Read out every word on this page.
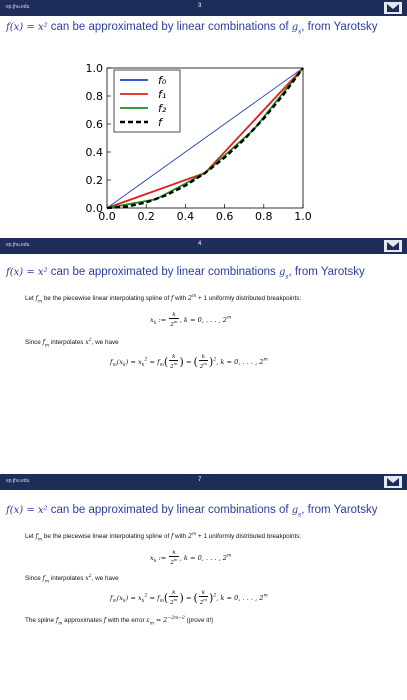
ep.jhu.edu	3
f(x) = x² can be approximated by linear combinations of $g_s$, from Yarotsky
0.0 0.2 0.4 0.6 0.8 1.0
0.0
0.2
0.4
0.6
0.8
1.0
f₀
f₁
f₂
f
ep.jhu.edu	4
f(x) = x² can be approximated by linear combinations $g_s$, from Yarotsky
Let $f_m$ be the piecewise linear interpolating spline of f with $2^m + 1$ uniformly distributed breakpoints:
$x_k$ := $\frac{k}{2^m}$ , k = 0, . . . , 2$^m$
Since $f_m$ interpolates $x^2$, we have
$f_m(x_k) = x_k^2 = f_m( \frac{k}{2^m}$ ) = ( $\frac{k}{2^m} )^2$, k = 0, . . . , 2$^m$
ep.jhu.edu	7
f(x) = x² can be approximated by linear combinations of $g_s$, from Yarotsky
Let $f_m$ be the piecewise linear interpolating spline of f with $2^m + 1$ uniformly distributed breakpoints:
$x_k$ := $\frac{k}{2^m}$ , k = 0, . . . , 2$^m$
Since $f_m$ interpolates $x^2$, we have
$f_m(x_k) = x_k^2 = f_m( \frac{k}{2^m}$ ) = ( $\frac{k}{2^m} )^2$, k = 0, . . . , 2$^m$
The spline $f_m$ approximates f with the error $\varepsilon_m = 2^{-2m-2}$ (prove it!)
